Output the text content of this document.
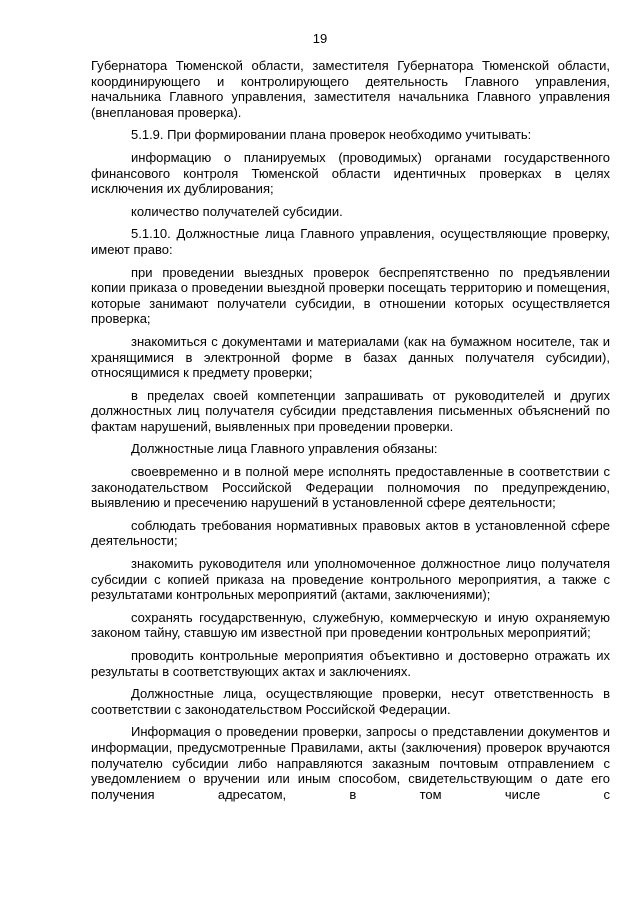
19

Губернатора Тюменской области, заместителя Губернатора Тюменской области, координирующего и контролирующего деятельность Главного управления, начальника Главного управления, заместителя начальника Главного управления (внеплановая проверка).

5.1.9. При формировании плана проверок необходимо учитывать:

информацию о планируемых (проводимых) органами государственного финансового контроля Тюменской области идентичных проверках в целях исключения их дублирования;

количество получателей субсидии.

5.1.10. Должностные лица Главного управления, осуществляющие проверку, имеют право:

при проведении выездных проверок беспрепятственно по предъявлении копии приказа о проведении выездной проверки посещать территорию и помещения, которые занимают получатели субсидии, в отношении которых осуществляется проверка;

знакомиться с документами и материалами (как на бумажном носителе, так и хранящимися в электронной форме в базах данных получателя субсидии), относящимися к предмету проверки;

в пределах своей компетенции запрашивать от руководителей и других должностных лиц получателя субсидии представления письменных объяснений по фактам нарушений, выявленных при проведении проверки.

Должностные лица Главного управления обязаны:

своевременно и в полной мере исполнять предоставленные в соответствии с законодательством Российской Федерации полномочия по предупреждению, выявлению и пресечению нарушений в установленной сфере деятельности;

соблюдать требования нормативных правовых актов в установленной сфере деятельности;

знакомить руководителя или уполномоченное должностное лицо получателя субсидии с копией приказа на проведение контрольного мероприятия, а также с результатами контрольных мероприятий (актами, заключениями);

сохранять государственную, служебную, коммерческую и иную охраняемую законом тайну, ставшую им известной при проведении контрольных мероприятий;

проводить контрольные мероприятия объективно и достоверно отражать их результаты в соответствующих актах и заключениях.

Должностные лица, осуществляющие проверки, несут ответственность в соответствии с законодательством Российской Федерации.

Информация о проведении проверки, запросы о представлении документов и информации, предусмотренные Правилами, акты (заключения) проверок вручаются получателю субсидии либо направляются заказным почтовым отправлением с уведомлением о вручении или иным способом, свидетельствующим о дате его получения адресатом, в том числе с
